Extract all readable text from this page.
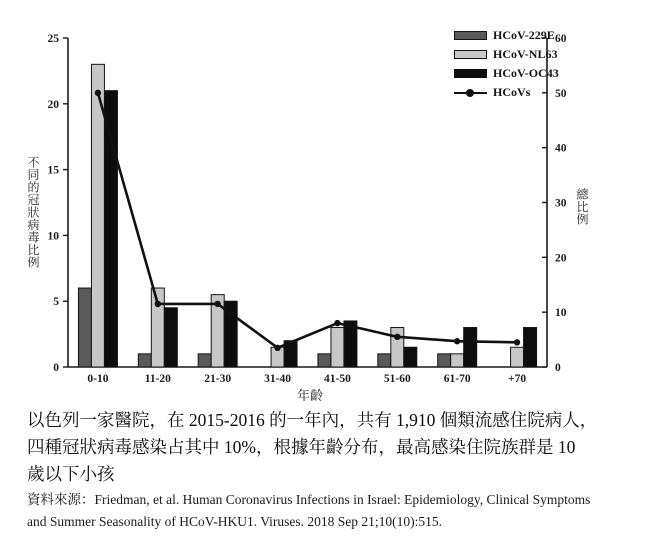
0
5
10
15
20
25
0
10
20
30
40
50
60
0-10	11-20	21-30	31-40	41-50	51-60	61-70	+70
不同的冠狀病毒比例	總比例
年齡
HCoV-229E
HCoV-NL63
HCoV-OC43
HCoVs
以色列一家醫院，在 2015-2016 的一年內，共有 1,910 個類流感住院病人，
四種冠狀病毒感染占其中 10%，根據年齡分布，最高感染住院族群是 10
歲以下小孩
資料來源：Friedman, et al. Human Coronavirus Infections in Israel: Epidemiology, Clinical Symptoms
and Summer Seasonality of HCoV-HKU1. Viruses. 2018 Sep 21;10(10):515.
